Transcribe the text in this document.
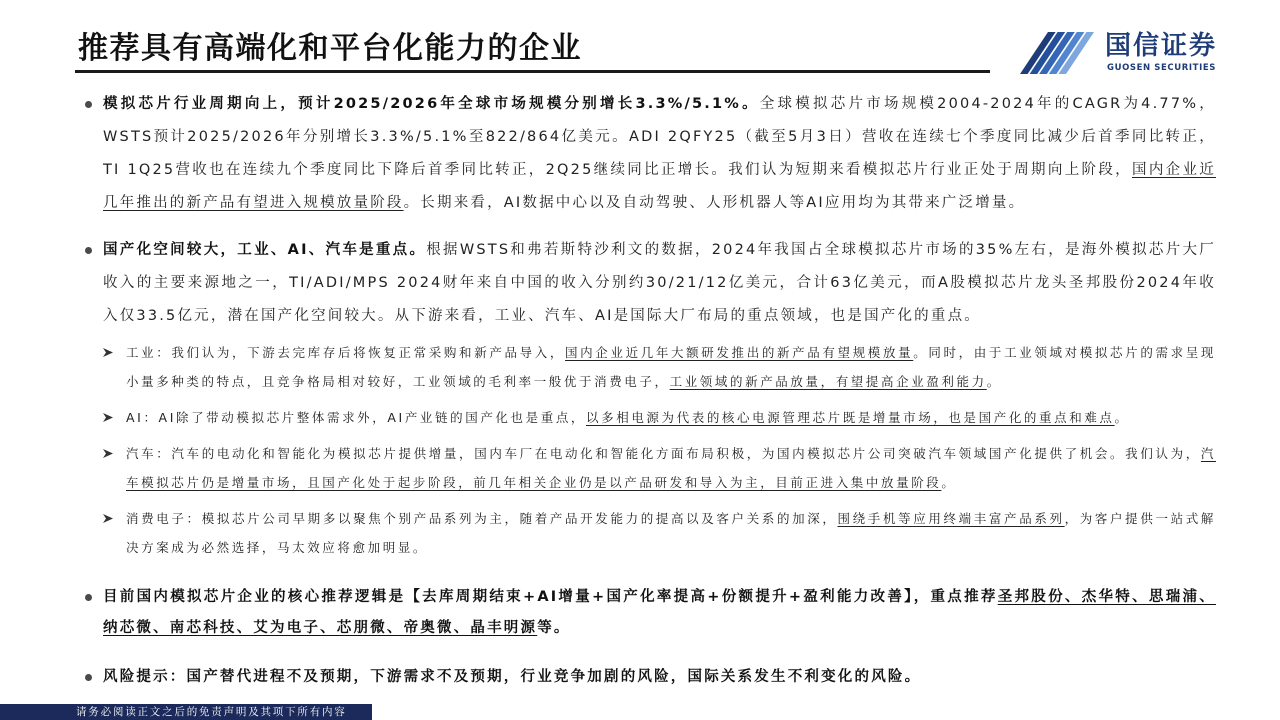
推荐具有高端化和平台化能力的企业	国信证券
GUOSEN SECURITIES
模拟芯片行业周期向上，预计2025/2026年全球市场规模分别增长3.3%/5.1%。全球模拟芯片市场规模2004-2024年的CAGR为4.77%，WSTS预计2025/2026年分别增长3.3%/5.1%至822/864亿美元。ADI 2QFY25（截至5月3日）营收在连续七个季度同比减少后首季同比转正，TI 1Q25营收也在连续九个季度同比下降后首季同比转正，2Q25继续同比正增长。我们认为短期来看模拟芯片行业正处于周期向上阶段，国内企业近几年推出的新产品有望进入规模放量阶段。长期来看，AI数据中心以及自动驾驶、人形机器人等AI应用均为其带来广泛增量。
国产化空间较大，工业、AI、汽车是重点。根据WSTS和弗若斯特沙利文的数据，2024年我国占全球模拟芯片市场的35%左右，是海外模拟芯片大厂收入的主要来源地之一，TI/ADI/MPS 2024财年来自中国的收入分别约30/21/12亿美元，合计63亿美元，而A股模拟芯片龙头圣邦股份2024年收入仅33.5亿元，潜在国产化空间较大。从下游来看，工业、汽车、AI是国际大厂布局的重点领域，也是国产化的重点。
工业：我们认为，下游去完库存后将恢复正常采购和新产品导入，国内企业近几年大额研发推出的新产品有望规模放量。同时，由于工业领域对模拟芯片的需求呈现小量多种类的特点，且竞争格局相对较好，工业领域的毛利率一般优于消费电子，工业领域的新产品放量，有望提高企业盈利能力。
AI：AI除了带动模拟芯片整体需求外，AI产业链的国产化也是重点，以多相电源为代表的核心电源管理芯片既是增量市场，也是国产化的重点和难点。
汽车：汽车的电动化和智能化为模拟芯片提供增量，国内车厂在电动化和智能化方面布局积极，为国内模拟芯片公司突破汽车领域国产化提供了机会。我们认为，汽车模拟芯片仍是增量市场，且国产化处于起步阶段，前几年相关企业仍是以产品研发和导入为主，目前正进入集中放量阶段。
消费电子：模拟芯片公司早期多以聚焦个别产品系列为主，随着产品开发能力的提高以及客户关系的加深，围绕手机等应用终端丰富产品系列，为客户提供一站式解决方案成为必然选择，马太效应将愈加明显。
目前国内模拟芯片企业的核心推荐逻辑是【去库周期结束+AI增量+国产化率提高+份额提升+盈利能力改善】，重点推荐圣邦股份、杰华特、思瑞浦、纳芯微、南芯科技、艾为电子、芯朋微、帝奥微、晶丰明源等。
风险提示：国产替代进程不及预期，下游需求不及预期，行业竞争加剧的风险，国际关系发生不利变化的风险。
请务必阅读正文之后的免责声明及其项下所有内容
